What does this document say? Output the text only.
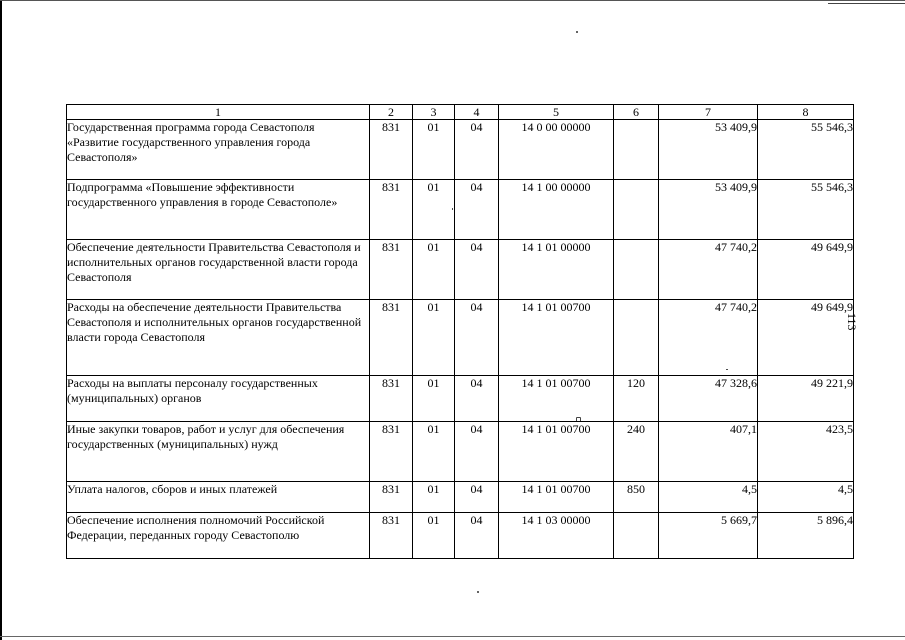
1	2	3	4	5	6	7	8
Государственная программа города Севастополя «Развитие государственного управления города Севастополя»	831	01	04	14 0 00 00000		53 409,9	55 546,3
Подпрограмма «Повышение эффективности государственного управления в городе Севастополе»	831	01	04	14 1 00 00000		53 409,9	55 546,3
Обеспечение деятельности Правительства Севастополя и исполнительных органов государственной власти города Севастополя	831	01	04	14 1 01 00000		47 740,2	49 649,9
Расходы на обеспечение деятельности Правительства Севастополя и исполнительных органов государственной власти города Севастополя	831	01	04	14 1 01 00700		47 740,2	49 649,9
Расходы на выплаты персоналу государственных (муниципальных) органов	831	01	04	14 1 01 00700	120	47 328,6	49 221,9
Иные закупки товаров, работ и услуг для обеспечения государственных (муниципальных) нужд	831	01	04	14 1 01 00700	240	407,1	423,5
Уплата налогов, сборов и иных платежей	831	01	04	14 1 01 00700	850	4,5	4,5
Обеспечение исполнения полномочий Российской Федерации, переданных городу Севастополю	831	01	04	14 1 03 00000		5 669,7	5 896,4
113
